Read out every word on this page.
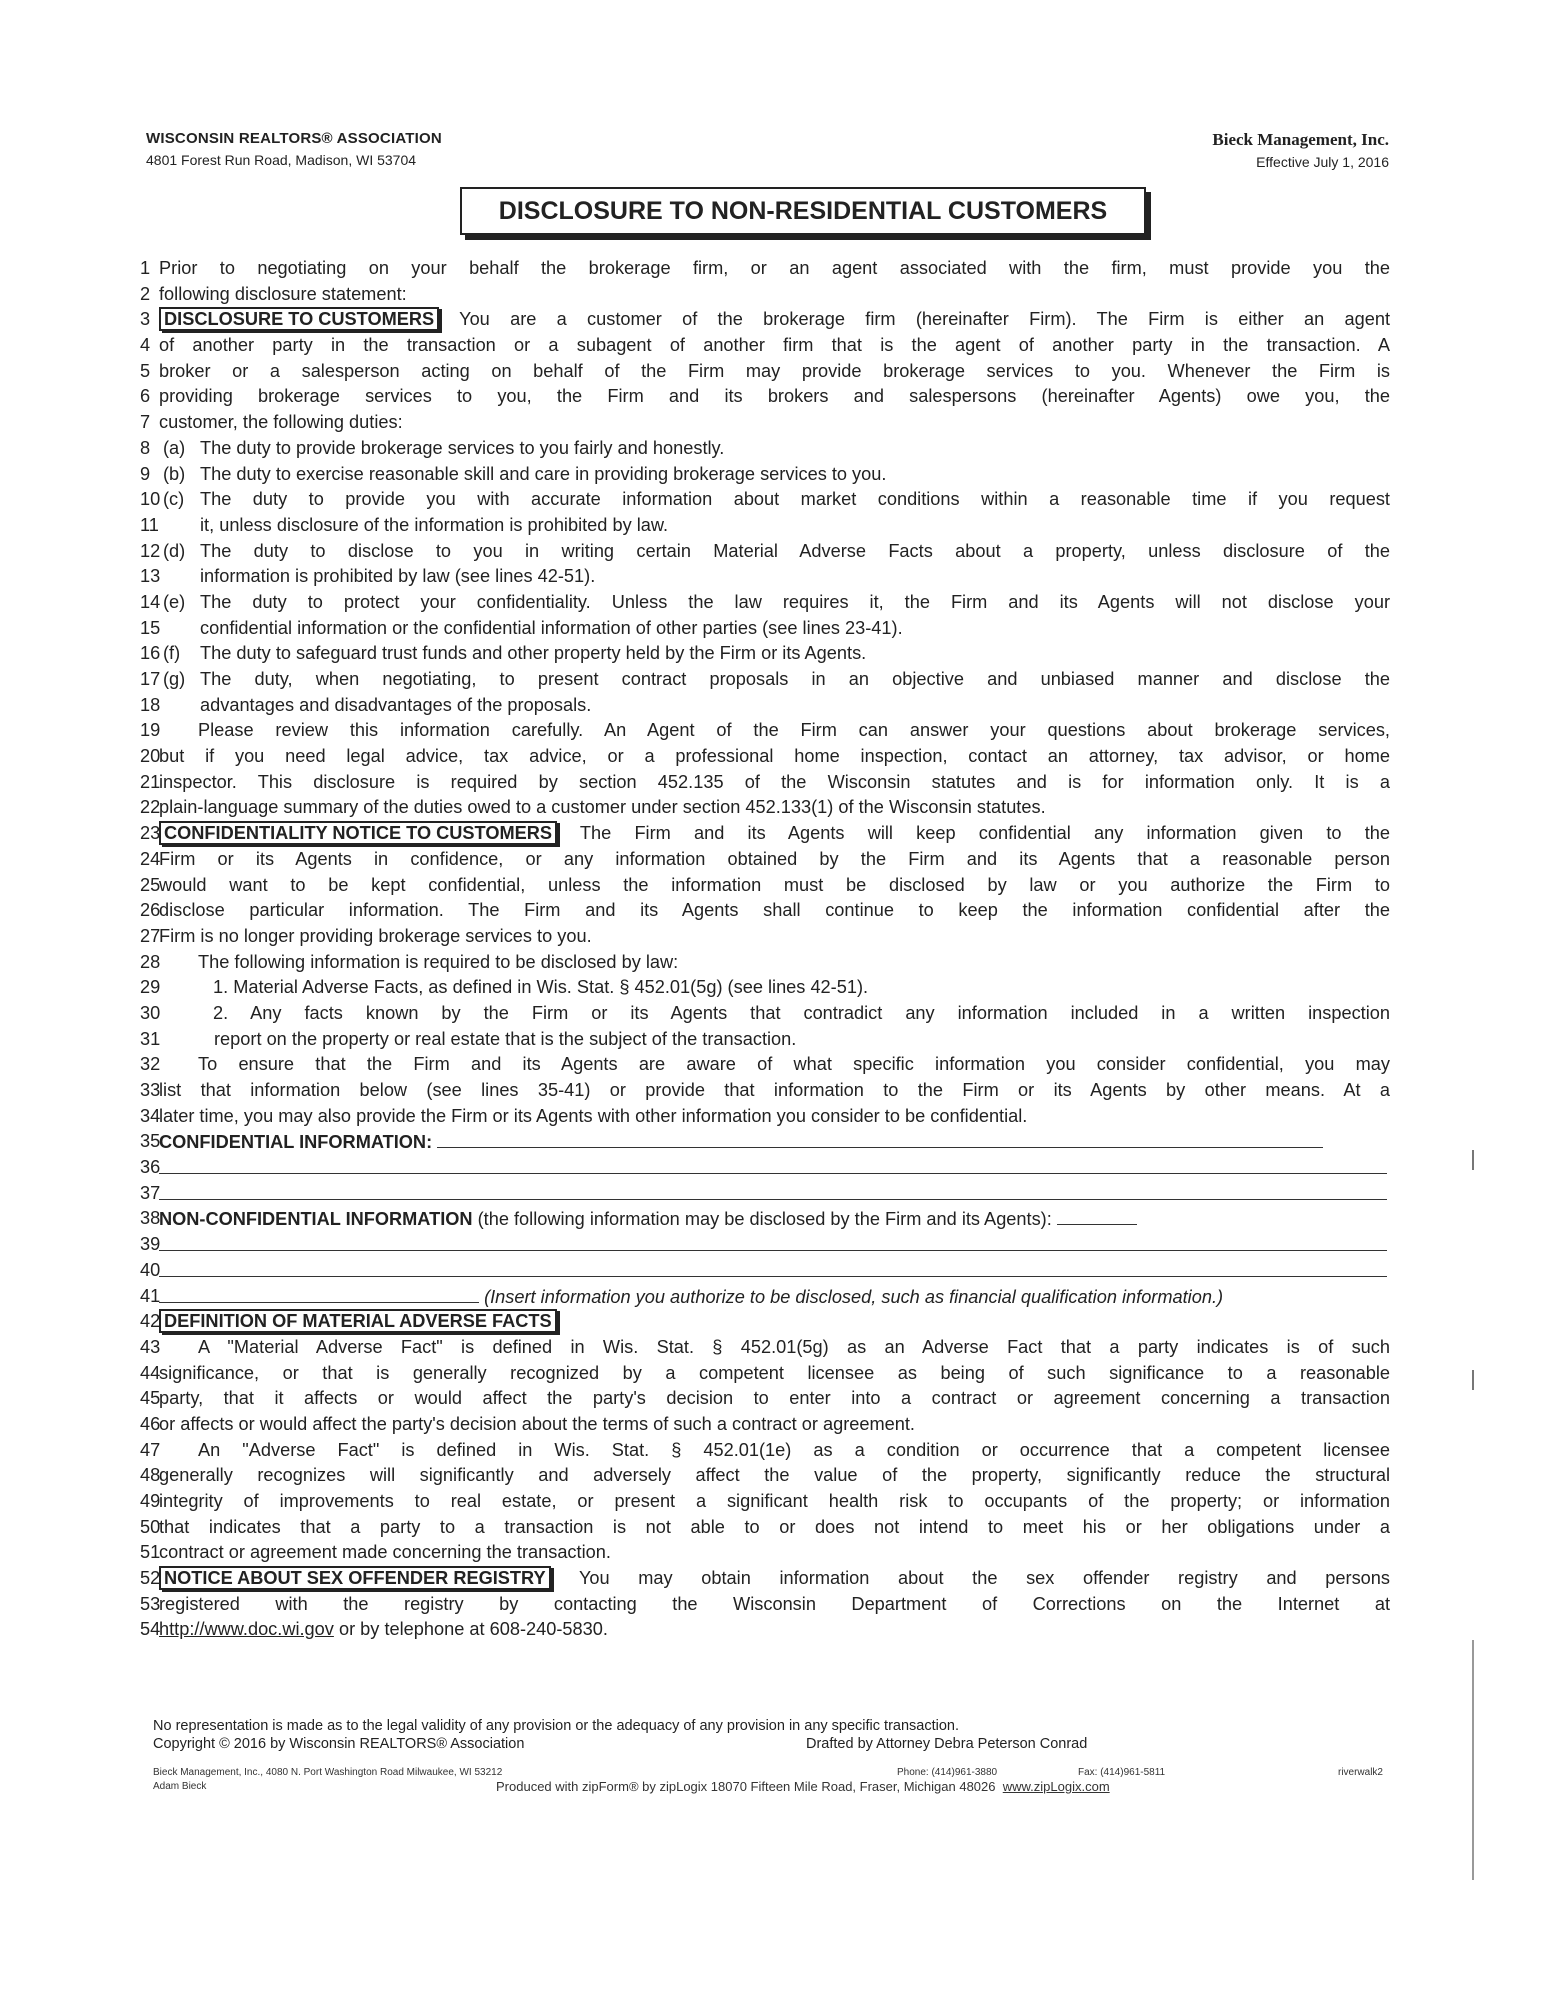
WISCONSIN REALTORS® ASSOCIATION
4801 Forest Run Road, Madison, WI 53704
Bieck Management, Inc.
Effective July 1, 2016
DISCLOSURE TO NON-RESIDENTIAL CUSTOMERS
1 Prior to negotiating on your behalf the brokerage firm, or an agent associated with the firm, must provide you the
2 following disclosure statement:
3 DISCLOSURE TO CUSTOMERS You are a customer of the brokerage firm (hereinafter Firm). The Firm is either an agent
4 of another party in the transaction or a subagent of another firm that is the agent of another party in the transaction. A
5 broker or a salesperson acting on behalf of the Firm may provide brokerage services to you. Whenever the Firm is
6 providing brokerage services to you, the Firm and its brokers and salespersons (hereinafter Agents) owe you, the
7 customer, the following duties:
8 (a) The duty to provide brokerage services to you fairly and honestly.
9 (b) The duty to exercise reasonable skill and care in providing brokerage services to you.
10 (c) The duty to provide you with accurate information about market conditions within a reasonable time if you request
11 it, unless disclosure of the information is prohibited by law.
12 (d) The duty to disclose to you in writing certain Material Adverse Facts about a property, unless disclosure of the
13 information is prohibited by law (see lines 42-51).
14 (e) The duty to protect your confidentiality. Unless the law requires it, the Firm and its Agents will not disclose your
15 confidential information or the confidential information of other parties (see lines 23-41).
16 (f) The duty to safeguard trust funds and other property held by the Firm or its Agents.
17 (g) The duty, when negotiating, to present contract proposals in an objective and unbiased manner and disclose the
18 advantages and disadvantages of the proposals.
19 Please review this information carefully. An Agent of the Firm can answer your questions about brokerage services,
20
but if you need legal advice, tax advice, or a professional home inspection, contact an attorney, tax advisor, or home
21
inspector. This disclosure is required by section 452.135 of the Wisconsin statutes and is for information only. It is a
22
plain-language summary of the duties owed to a customer under section 452.133(1) of the Wisconsin statutes.
23 CONFIDENTIALITY NOTICE TO CUSTOMERS The Firm and its Agents will keep confidential any information given to the
24
Firm or its Agents in confidence, or any information obtained by the Firm and its Agents that a reasonable person
25
would want to be kept confidential, unless the information must be disclosed by law or you authorize the Firm to
26
disclose particular information. The Firm and its Agents shall continue to keep the information confidential after the
27
Firm is no longer providing brokerage services to you.
28 The following information is required to be disclosed by law:
29	1. Material Adverse Facts, as defined in Wis. Stat. § 452.01(5g) (see lines 42-51).
30	2. Any facts known by the Firm or its Agents that contradict any information included in a written inspection
31	report on the property or real estate that is the subject of the transaction.
32 To ensure that the Firm and its Agents are aware of what specific information you consider confidential, you may
33
list that information below (see lines 35-41) or provide that information to the Firm or its Agents by other means. At a
34
later time, you may also provide the Firm or its Agents with other information you consider to be confidential.
35
CONFIDENTIAL INFORMATION:
36
37
38
NON-CONFIDENTIAL INFORMATION (the following information may be disclosed by the Firm and its Agents):
39
40
41	(Insert information you authorize to be disclosed, such as financial qualification information.)
42 DEFINITION OF MATERIAL ADVERSE FACTS
43 A "Material Adverse Fact" is defined in Wis. Stat. § 452.01(5g) as an Adverse Fact that a party indicates is of such
44
significance, or that is generally recognized by a competent licensee as being of such significance to a reasonable
45
party, that it affects or would affect the party's decision to enter into a contract or agreement concerning a transaction
46
or affects or would affect the party's decision about the terms of such a contract or agreement.
47 An "Adverse Fact" is defined in Wis. Stat. § 452.01(1e) as a condition or occurrence that a competent licensee
48
generally recognizes will significantly and adversely affect the value of the property, significantly reduce the structural
49
integrity of improvements to real estate, or present a significant health risk to occupants of the property; or information
50
that indicates that a party to a transaction is not able to or does not intend to meet his or her obligations under a
51
contract or agreement made concerning the transaction.
52 NOTICE ABOUT SEX OFFENDER REGISTRY You may obtain information about the sex offender registry and persons
53
registered with the registry by contacting the Wisconsin Department of Corrections on the Internet at
54
http://www.doc.wi.gov or by telephone at 608-240-5830.
No representation is made as to the legal validity of any provision or the adequacy of any provision in any specific transaction.
Copyright © 2016 by Wisconsin REALTORS® Association	Drafted by Attorney Debra Peterson Conrad
Bieck Management, Inc., 4080 N. Port Washington Road Milwaukee, WI 53212	Phone: (414)961-3880	Fax: (414)961-5811	riverwalk2
Adam Bieck	Produced with zipForm® by zipLogix 18070 Fifteen Mile Road, Fraser, Michigan 48026 www.zipLogix.com
